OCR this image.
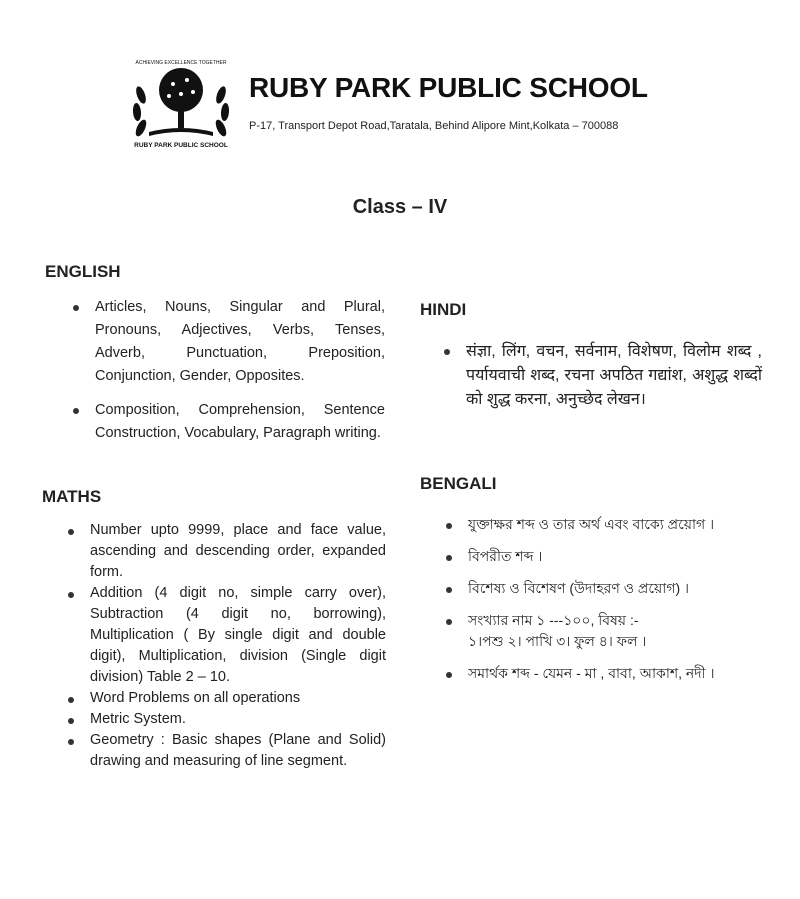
ACHIEVING EXCELLENCE TOGETHER
RUBY PARK PUBLIC SCHOOL
RUBY PARK PUBLIC SCHOOL
P-17, Transport Depot Road,Taratala, Behind Alipore Mint,Kolkata – 700088
Class – IV
ENGLISH
Articles, Nouns, Singular and Plural, Pronouns, Adjectives, Verbs, Tenses, Adverb, Punctuation, Preposition, Conjunction, Gender, Opposites.
Composition, Comprehension, Sentence Construction, Vocabulary, Paragraph writing.
MATHS
Number upto 9999, place and face value, ascending and descending order, expanded form.
Addition (4 digit no, simple carry over), Subtraction (4 digit no, borrowing), Multiplication ( By single digit and double digit), Multiplication, division (Single digit division) Table 2 – 10.
Word Problems on all operations
Metric System.
Geometry : Basic shapes (Plane and Solid) drawing and measuring of line segment.
HINDI
संज्ञा, लिंग, वचन, सर्वनाम, विशेषण, विलोम शब्द , पर्यायवाची शब्द, रचना अपठित गद्यांश, अशुद्ध शब्दों को शुद्ध करना, अनुच्छेद लेखन।
BENGALI
যুক্তাক্ষর শব্দ ও তার অর্থ এবং বাক্যে প্রয়োগ ।
বিপরীত শব্দ ।
বিশেষ্য ও বিশেষণ (উদাহরণ ও প্রয়োগ) ।
সংখ্যার নাম ১ ---১০০, বিষয় :- ১।পশু ২। পাখি ৩। ফুল ৪। ফল ।
সমার্থক শব্দ - যেমন - মা , বাবা, আকাশ, নদী ।
